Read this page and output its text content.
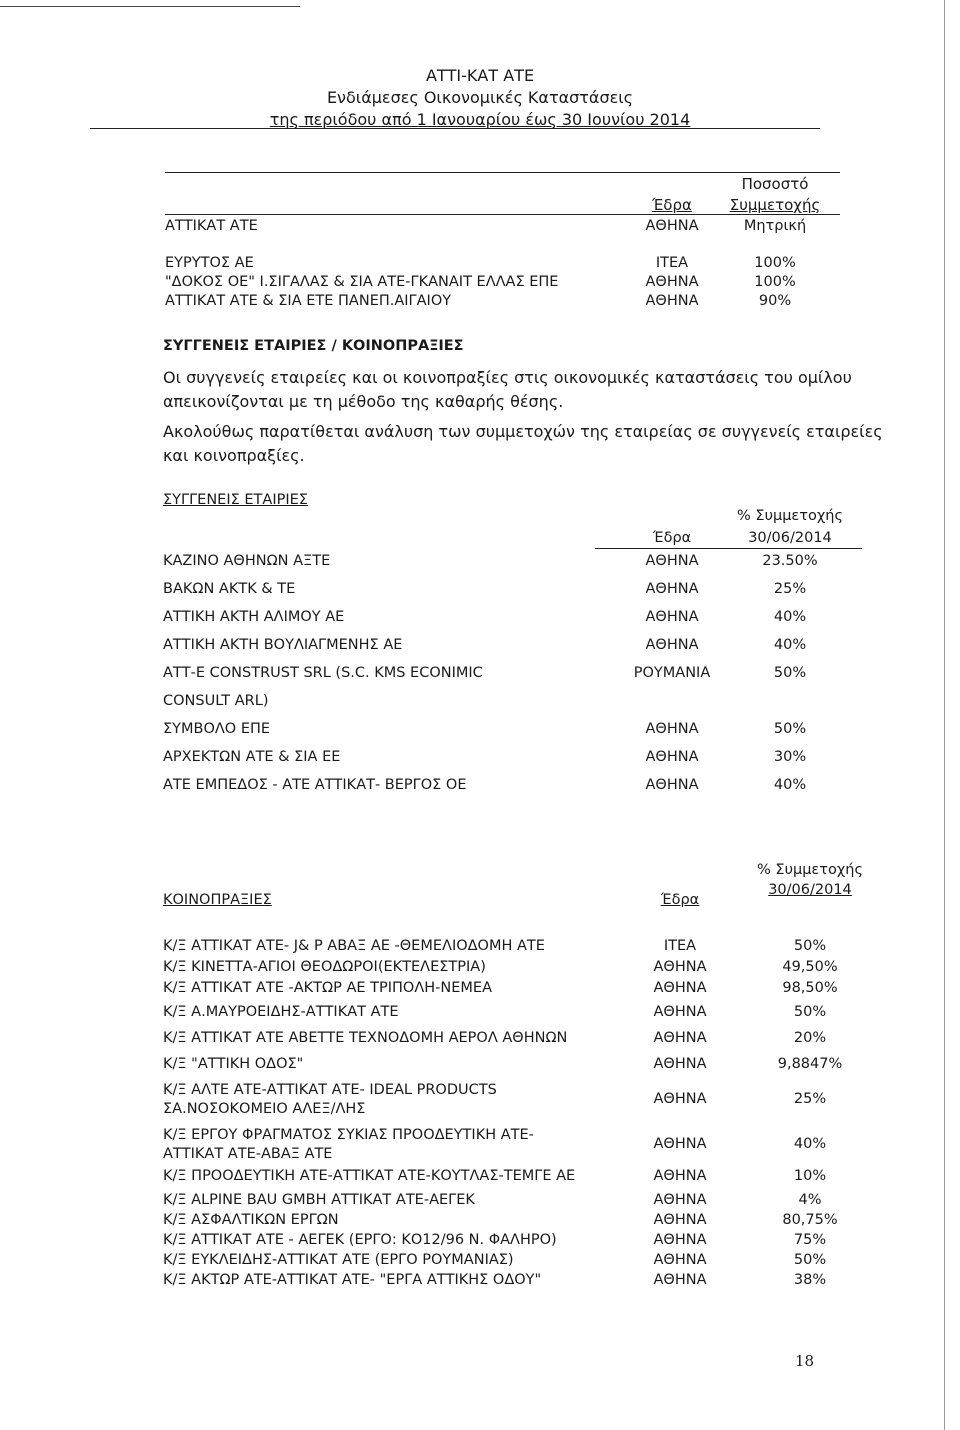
ΑΤΤΙ-ΚΑΤ ΑΤΕ
Ενδιάμεσες Οικονομικές Καταστάσεις
της περιόδου από 1 Ιανουαρίου έως 30 Ιουνίου 2014
Ποσοστό
Έδρα	Συμμετοχής
ΑΤΤΙΚΑΤ ΑΤΕ	ΑΘΗΝΑ	Μητρική
ΕΥΡΥΤΟΣ ΑΕ	ΙΤΕΑ	100%
"ΔΟΚΟΣ ΟΕ" Ι.ΣΙΓΑΛΑΣ & ΣΙΑ ΑΤΕ-ΓΚΑΝΑΙΤ ΕΛΛΑΣ ΕΠΕ	ΑΘΗΝΑ	100%
ΑΤΤΙΚΑΤ ΑΤΕ & ΣΙΑ ΕΤΕ ΠΑΝΕΠ.ΑΙΓΑΙΟΥ	ΑΘΗΝΑ	90%
ΣΥΓΓΕΝΕΙΣ ΕΤΑΙΡΙΕΣ / ΚΟΙΝΟΠΡΑΞΙΕΣ
Οι συγγενείς εταιρείες και οι κοινοπραξίες στις οικονομικές καταστάσεις του ομίλου απεικονίζονται με τη μέθοδο της καθαρής θέσης.
Ακολούθως παρατίθεται ανάλυση των συμμετοχών της εταιρείας σε συγγενείς εταιρείες και κοινοπραξίες.
ΣΥΓΓΕΝΕΙΣ ΕΤΑΙΡΙΕΣ
% Συμμετοχής
Έδρα	30/06/2014
ΚΑΖΙΝΟ ΑΘΗΝΩΝ ΑΞΤΕ	ΑΘΗΝΑ	23.50%
ΒΑΚΩΝ ΑΚΤΚ & ΤΕ	ΑΘΗΝΑ	25%
ΑΤΤΙΚΗ ΑΚΤΗ ΑΛΙΜΟΥ ΑΕ	ΑΘΗΝΑ	40%
ΑΤΤΙΚΗ ΑΚΤΗ ΒΟΥΛΙΑΓΜΕΝΗΣ ΑΕ	ΑΘΗΝΑ	40%
ΑΤΤ-Ε CONSTRUST SRL (S.C. KMS ECONIMIC	ΡΟΥΜΑΝΙΑ	50%
CONSULT ARL)
ΣΥΜΒΟΛΟ ΕΠΕ	ΑΘΗΝΑ	50%
ΑΡΧΕΚΤΩΝ ΑΤΕ & ΣΙΑ ΕΕ	ΑΘΗΝΑ	30%
ΑΤΕ ΕΜΠΕΔΟΣ - ΑΤΕ ΑΤΤΙΚΑΤ- ΒΕΡΓΟΣ ΟΕ	ΑΘΗΝΑ	40%
% Συμμετοχής
30/06/2014
ΚΟΙΝΟΠΡΑΞΙΕΣ	Έδρα
Κ/Ξ ΑΤΤΙΚΑΤ ΑΤΕ- J& P ΑΒΑΞ ΑΕ -ΘΕΜΕΛΙΟΔΟΜΗ ΑΤΕ	ΙΤΕΑ	50%
Κ/Ξ ΚΙΝΕΤΤΑ-ΑΓΙΟΙ ΘΕΟΔΩΡΟΙ(ΕΚΤΕΛΕΣΤΡΙΑ)	ΑΘΗΝΑ	49,50%
Κ/Ξ ΑΤΤΙΚΑΤ ΑΤΕ -ΑΚΤΩΡ ΑΕ ΤΡΙΠΟΛΗ-ΝΕΜΕΑ	ΑΘΗΝΑ	98,50%
Κ/Ξ Α.ΜΑΥΡΟΕΙΔΗΣ-ΑΤΤΙΚΑΤ ΑΤΕ	ΑΘΗΝΑ	50%
Κ/Ξ ΑΤΤΙΚΑΤ ΑΤΕ ΑΒΕΤΤΕ ΤΕΧΝΟΔΟΜΗ ΑΕΡΟΛ ΑΘΗΝΩΝ	ΑΘΗΝΑ	20%
Κ/Ξ "ΑΤΤΙΚΗ ΟΔΟΣ"	ΑΘΗΝΑ	9,8847%
Κ/Ξ ΑΛΤΕ ΑΤΕ-ΑΤΤΙΚΑΤ ΑΤΕ- IDEAL PRODUCTS
ΣΑ.ΝΟΣΟΚΟΜΕΙΟ ΑΛΕΞ/ΛΗΣ
ΑΘΗΝΑ	25%
Κ/Ξ ΕΡΓΟΥ ΦΡΑΓΜΑΤΟΣ ΣΥΚΙΑΣ ΠΡΟΟΔΕΥΤΙΚΗ ΑΤΕ-
ΑΤΤΙΚΑΤ ΑΤΕ-ΑΒΑΞ ΑΤΕ
ΑΘΗΝΑ	40%
Κ/Ξ ΠΡΟΟΔΕΥΤΙΚΗ ΑΤΕ-ΑΤΤΙΚΑΤ ΑΤΕ-ΚΟΥΤΛΑΣ-ΤΕΜΓΕ ΑΕ	ΑΘΗΝΑ	10%
Κ/Ξ ALPINE BAU GMBH ΑΤΤΙΚΑΤ ΑΤΕ-ΑΕΓΕΚ	ΑΘΗΝΑ	4%
Κ/Ξ ΑΣΦΑΛΤΙΚΩΝ ΕΡΓΩΝ	ΑΘΗΝΑ	80,75%
Κ/Ξ ΑΤΤΙΚΑΤ ΑΤΕ - ΑΕΓΕΚ (ΕΡΓΟ: ΚΟ12/96 Ν. ΦΑΛΗΡΟ)	ΑΘΗΝΑ	75%
Κ/Ξ ΕΥΚΛΕΙΔΗΣ-ΑΤΤΙΚΑΤ ΑΤΕ (ΕΡΓΟ ΡΟΥΜΑΝΙΑΣ)	ΑΘΗΝΑ	50%
Κ/Ξ ΑΚΤΩΡ ΑΤΕ-ΑΤΤΙΚΑΤ ΑΤΕ- "ΕΡΓΑ ΑΤΤΙΚΗΣ ΟΔΟΥ"	ΑΘΗΝΑ	38%
18
